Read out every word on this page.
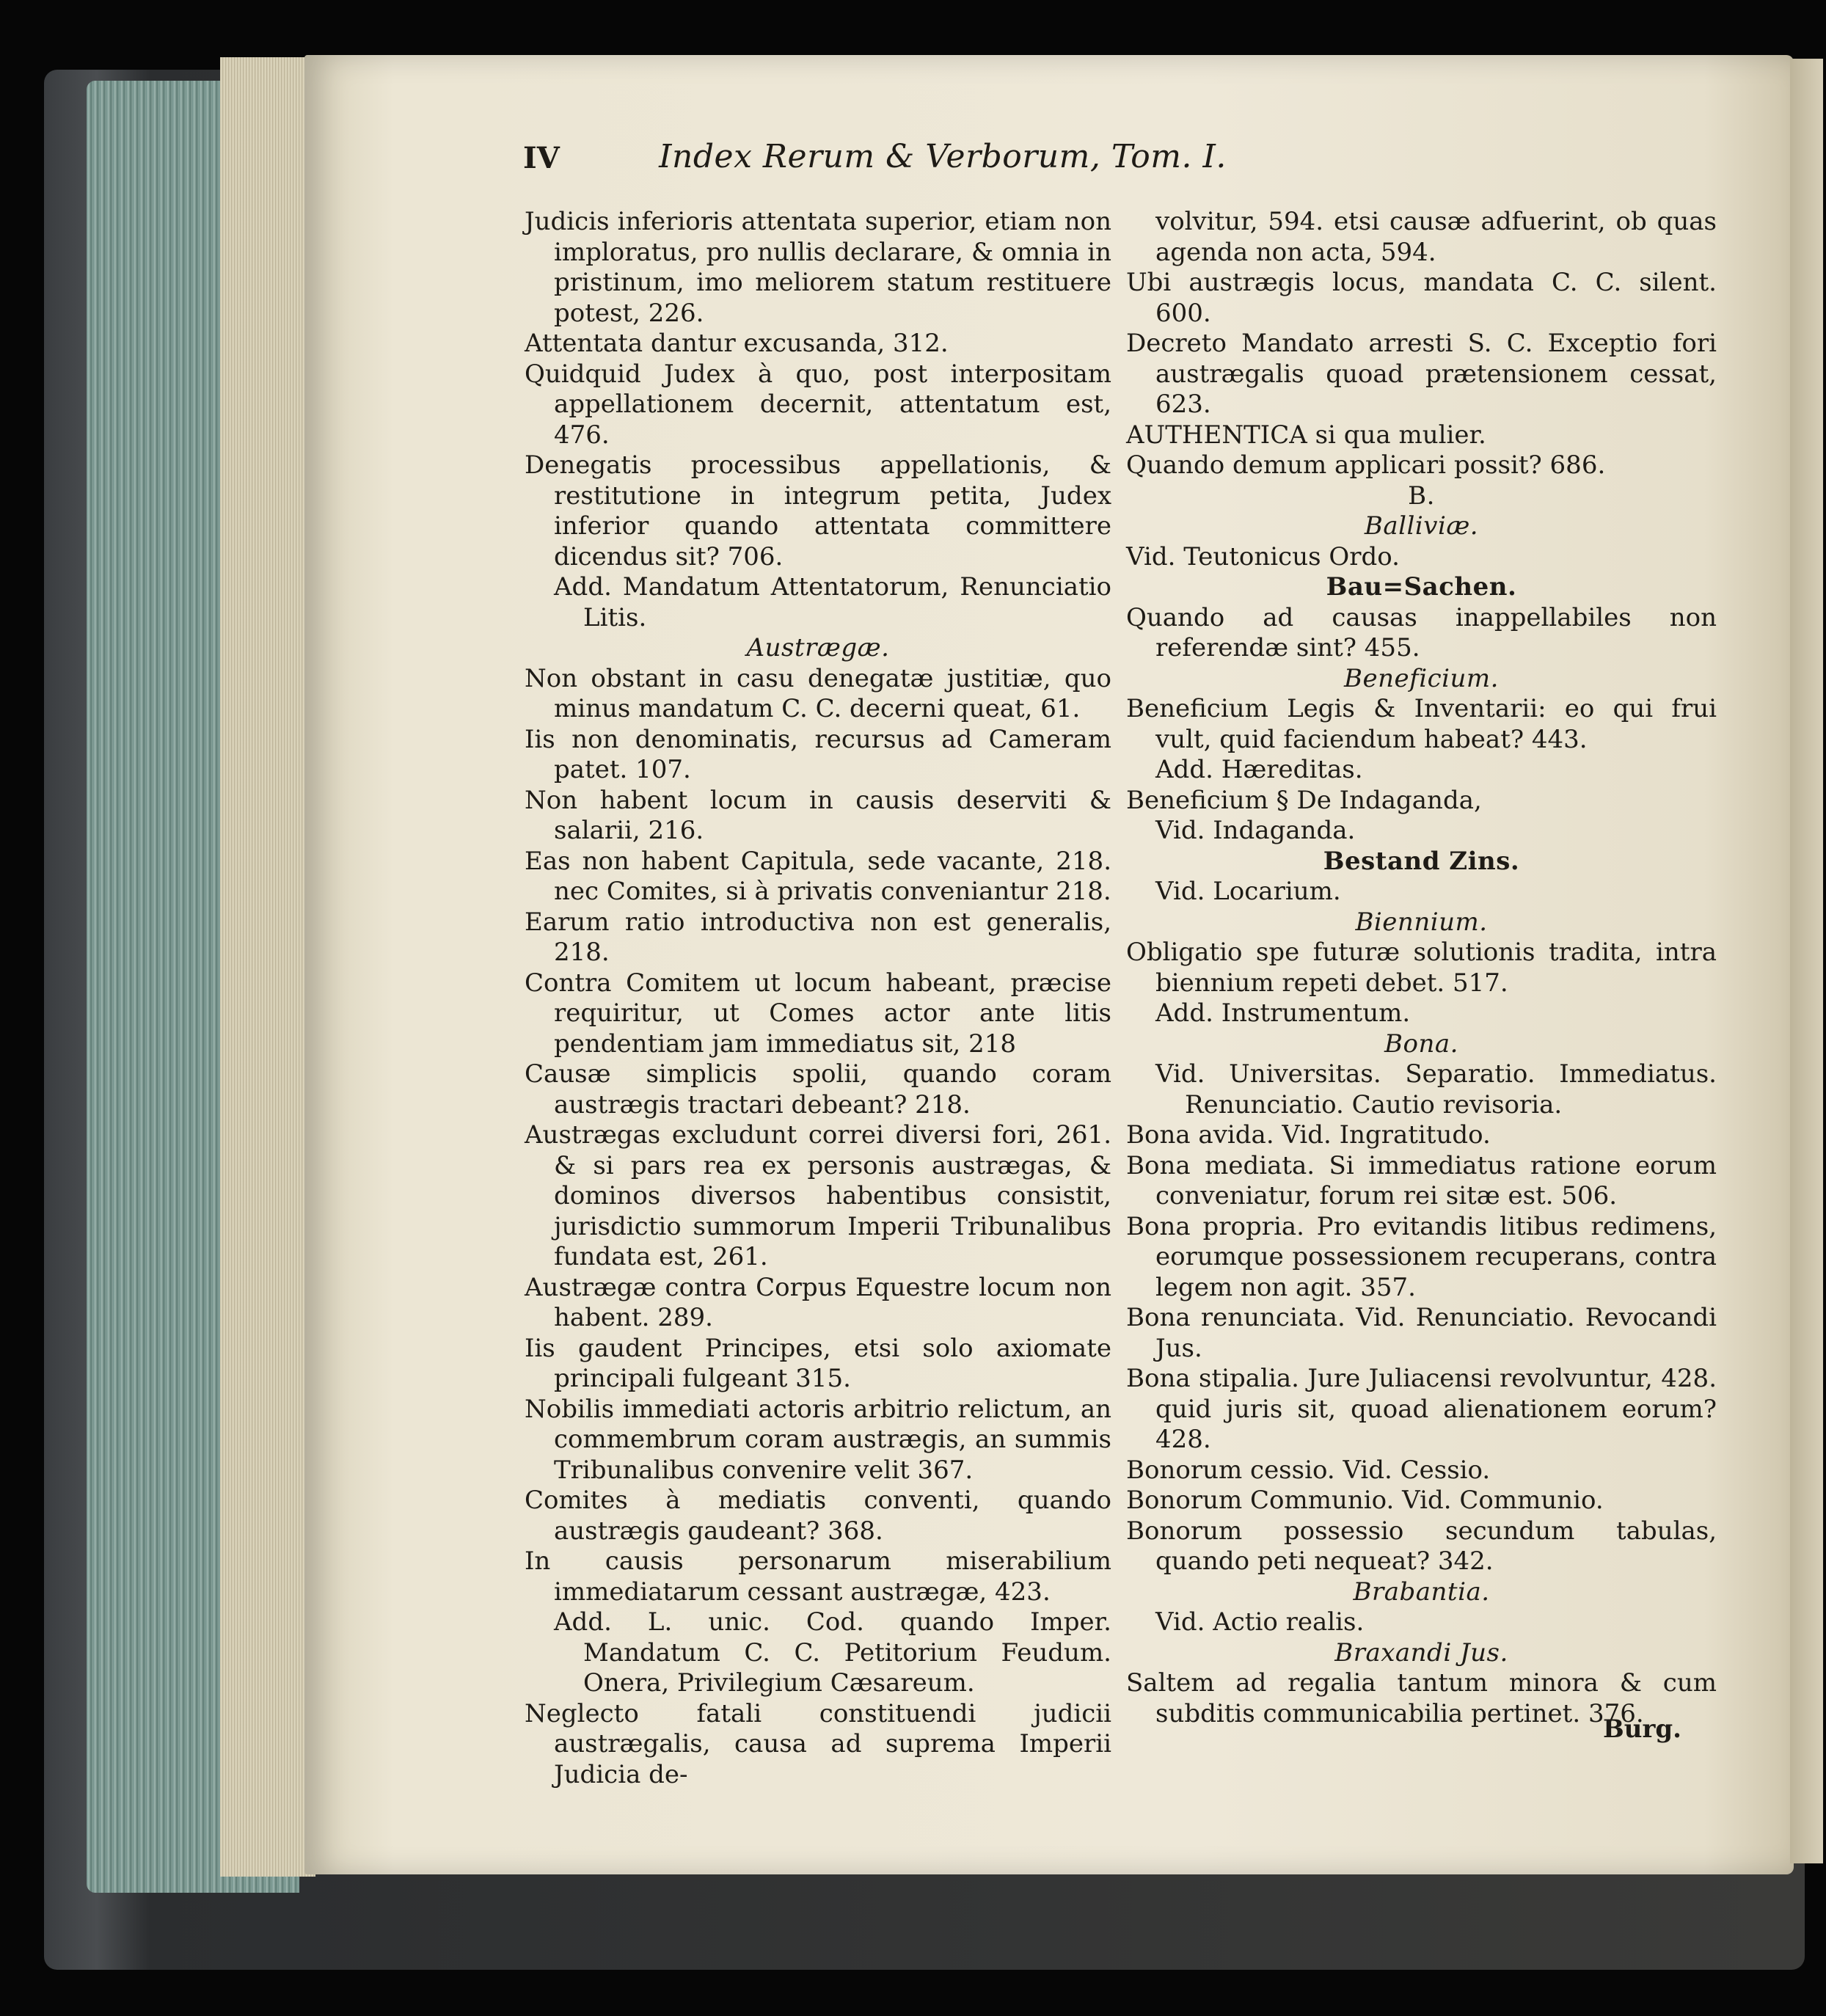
IV	Index Rerum & Verborum, Tom. I.

Judicis inferioris attentata superior, etiam non imploratus, pro nullis declarare, & omnia in pristinum, imo meliorem statum restituere potest, 226.

Attentata dantur excusanda, 312.

Quidquid Judex à quo, post interpositam appellationem decernit, attentatum est, 476.

Denegatis processibus appellationis, & restitutione in integrum petita, Judex inferior quando attentata committere dicendus sit? 706.

Add. Mandatum Attentatorum, Renunciatio Litis.

Austrægæ.

Non obstant in casu denegatæ justitiæ, quo minus mandatum C. C. decerni queat, 61.

Iis non denominatis, recursus ad Cameram patet. 107.

Non habent locum in causis deserviti & salarii, 216.

Eas non habent Capitula, sede vacante, 218. nec Comites, si à privatis conveniantur 218.

Earum ratio introductiva non est generalis, 218.

Contra Comitem ut locum habeant, præcise requiritur, ut Comes actor ante litis pendentiam jam immediatus sit, 218

Causæ simplicis spolii, quando coram austrægis tractari debeant? 218.

Austrægas excludunt correi diversi fori, 261. & si pars rea ex personis austrægas, & dominos diversos habentibus consistit, jurisdictio summorum Imperii Tribunalibus fundata est, 261.

Austrægæ contra Corpus Equestre locum non habent. 289.

Iis gaudent Principes, etsi solo axiomate principali fulgeant 315.

Nobilis immediati actoris arbitrio relictum, an commembrum coram austrægis, an summis Tribunalibus convenire velit 367.

Comites à mediatis conventi, quando austrægis gaudeant? 368.

In causis personarum miserabilium immediatarum cessant austrægæ, 423.

Add. L. unic. Cod. quando Imper. Mandatum C. C. Petitorium Feudum. Onera, Privilegium Cæsareum.

Neglecto fatali constituendi judicii austrægalis, causa ad suprema Imperii Judicia de-

volvitur, 594. etsi causæ adfuerint, ob quas agenda non acta, 594.

Ubi austrægis locus, mandata C. C. silent. 600.

Decreto Mandato arresti S. C. Exceptio fori austrægalis quoad prætensionem cessat, 623.

AUTHENTICA si qua mulier.

Quando demum applicari possit? 686.

B.

Balliviæ.

Vid. Teutonicus Ordo.

Bau=Sachen.

Quando ad causas inappellabiles non referendæ sint? 455.

Beneficium.

Beneficium Legis & Inventarii: eo qui frui vult, quid faciendum habeat? 443.

Add. Hæreditas.

Beneficium § De Indaganda,

Vid. Indaganda.

Bestand Zins.

Vid. Locarium.

Biennium.

Obligatio spe futuræ solutionis tradita, intra biennium repeti debet. 517.

Add. Instrumentum.

Bona.

Vid. Universitas. Separatio. Immediatus. Renunciatio. Cautio revisoria.

Bona avida. Vid. Ingratitudo.

Bona mediata. Si immediatus ratione eorum conveniatur, forum rei sitæ est. 506.

Bona propria. Pro evitandis litibus redimens, eorumque possessionem recuperans, contra legem non agit. 357.

Bona renunciata. Vid. Renunciatio. Revocandi Jus.

Bona stipalia. Jure Juliacensi revolvuntur, 428. quid juris sit, quoad alienationem eorum? 428.

Bonorum cessio. Vid. Cessio.

Bonorum Communio. Vid. Communio.

Bonorum possessio secundum tabulas, quando peti nequeat? 342.

Brabantia.

Vid. Actio realis.

Braxandi Jus.

Saltem ad regalia tantum minora & cum subditis communicabilia pertinet. 376.

Burg.
